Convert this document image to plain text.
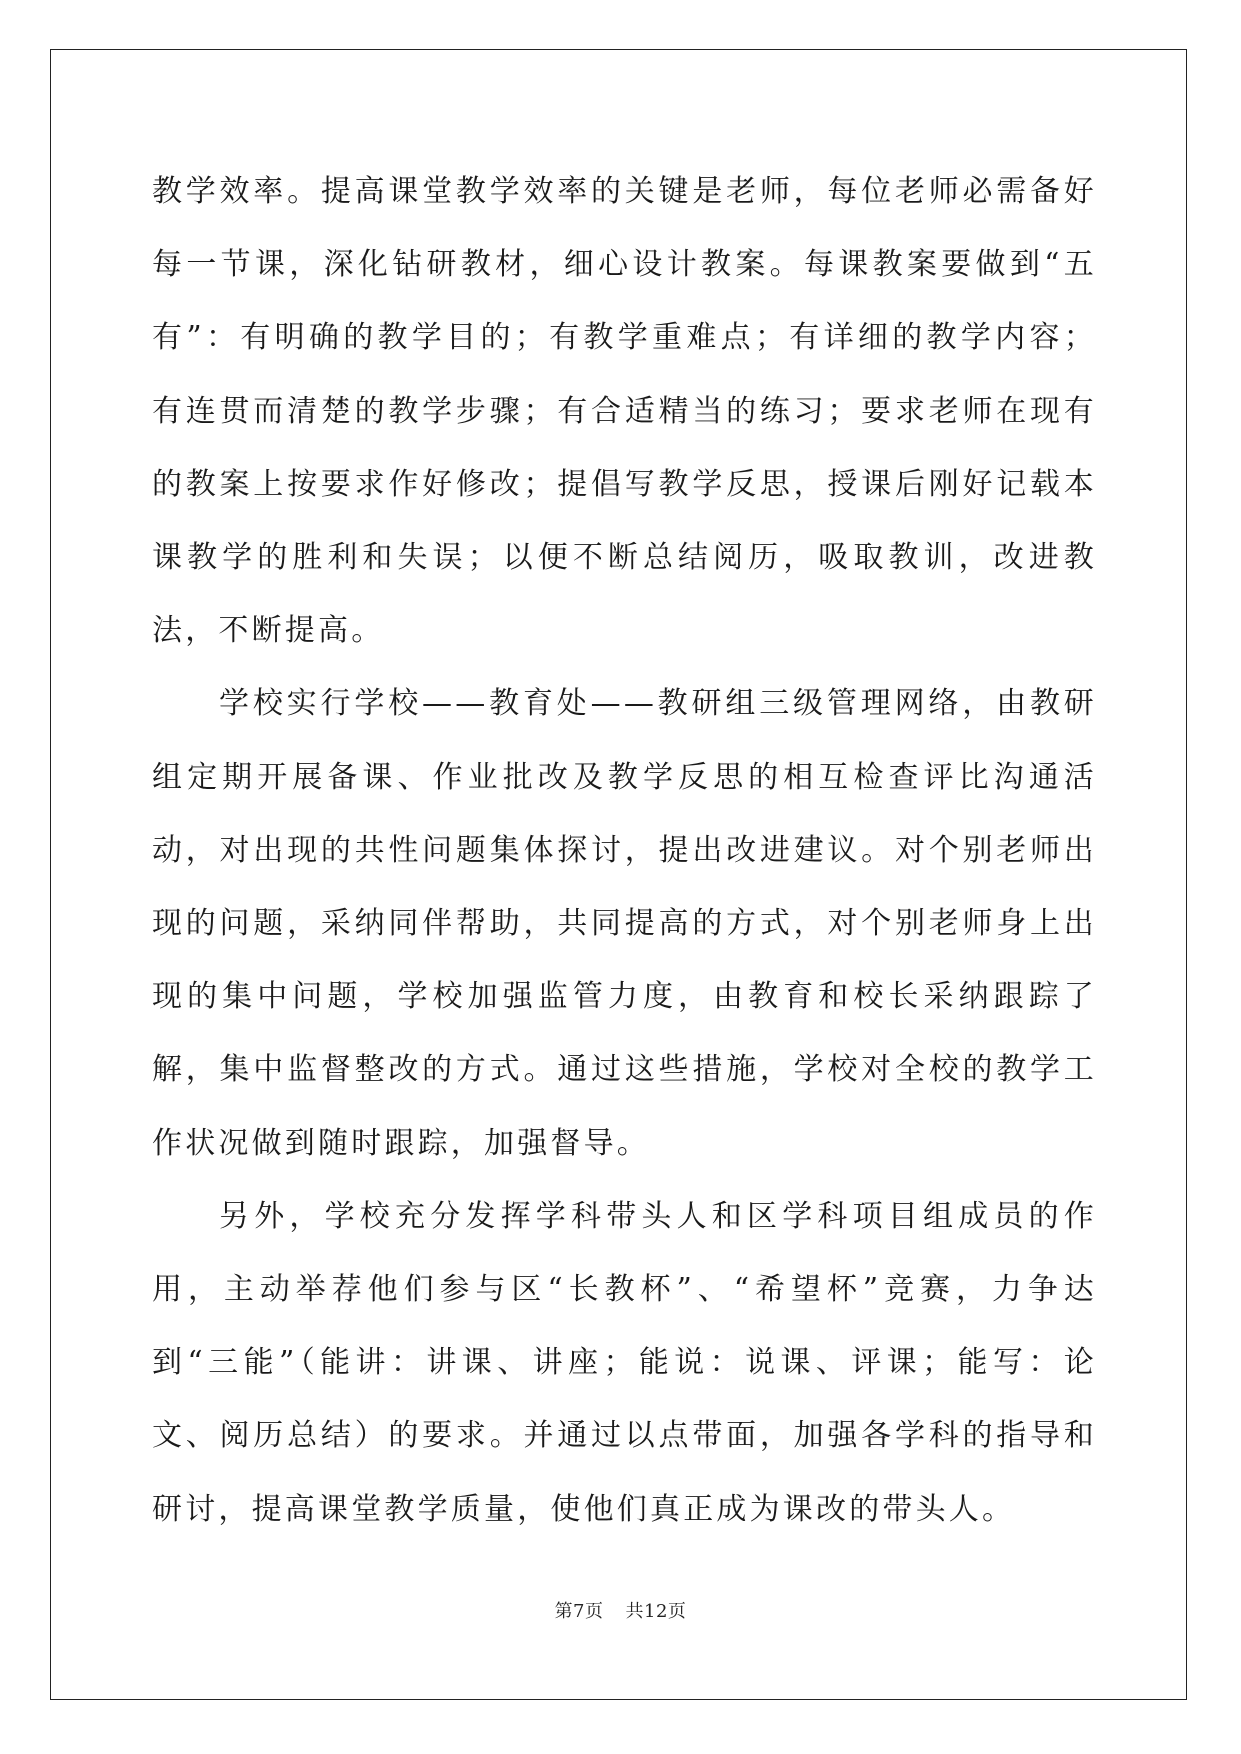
教学效率。提高课堂教学效率的关键是老师，每位老师必需备好每一节课，深化钻研教材，细心设计教案。每课教案要做到“五有”：有明确的教学目的；有教学重难点；有详细的教学内容；有连贯而清楚的教学步骤；有合适精当的练习；要求老师在现有的教案上按要求作好修改；提倡写教学反思，授课后刚好记载本课教学的胜利和失误；以便不断总结阅历，吸取教训，改进教法，不断提高。

学校实行学校——教育处——教研组三级管理网络，由教研组定期开展备课、作业批改及教学反思的相互检查评比沟通活动，对出现的共性问题集体探讨，提出改进建议。对个别老师出现的问题，采纳同伴帮助，共同提高的方式，对个别老师身上出现的集中问题，学校加强监管力度，由教育和校长采纳跟踪了解，集中监督整改的方式。通过这些措施，学校对全校的教学工作状况做到随时跟踪，加强督导。

另外，学校充分发挥学科带头人和区学科项目组成员的作用，主动举荐他们参与区“长教杯”、“希望杯”竞赛，力争达到“三能”（能讲：讲课、讲座；能说：说课、评课；能写：论文、阅历总结）的要求。并通过以点带面，加强各学科的指导和研讨，提高课堂教学质量，使他们真正成为课改的带头人。

第7页 共12页
